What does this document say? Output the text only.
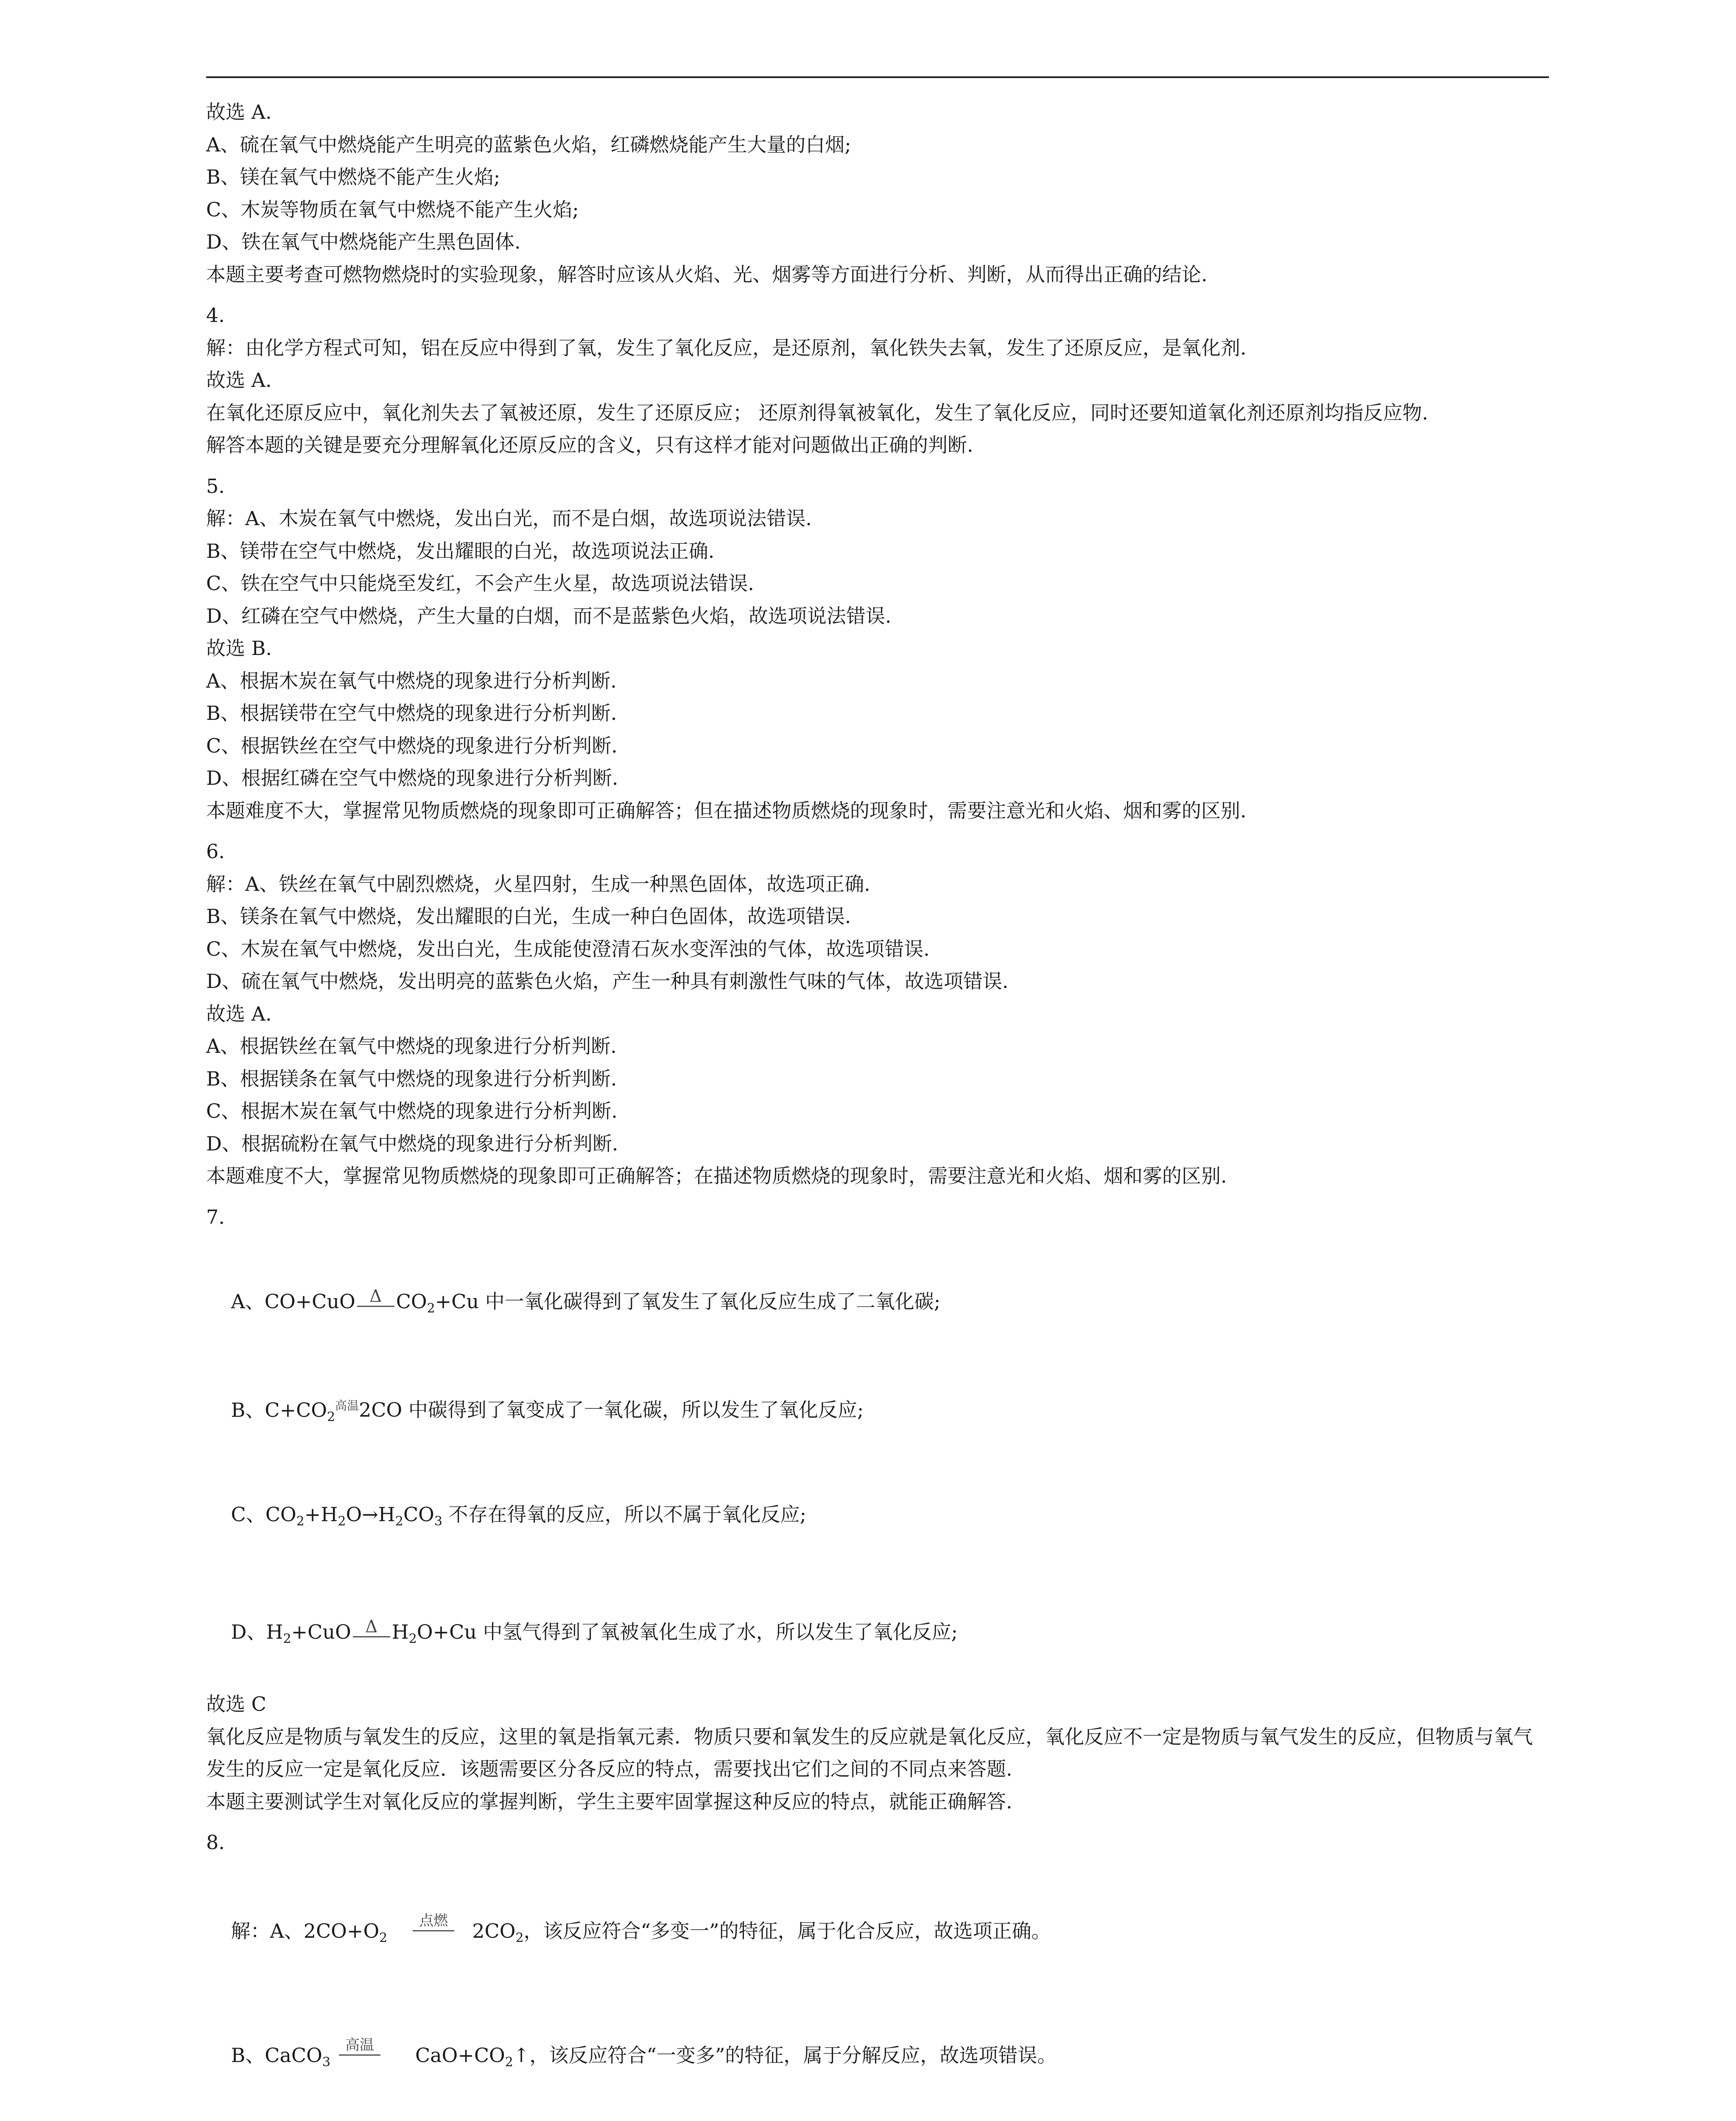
故选 A.
A、硫在氧气中燃烧能产生明亮的蓝紫色火焰，红磷燃烧能产生大量的白烟;
B、镁在氧气中燃烧不能产生火焰;
C、木炭等物质在氧气中燃烧不能产生火焰;
D、铁在氧气中燃烧能产生黑色固体.
本题主要考查可燃物燃烧时的实验现象，解答时应该从火焰、光、烟雾等方面进行分析、判断，从而得出正确的结论.
4.
解：由化学方程式可知，铝在反应中得到了氧，发生了氧化反应，是还原剂，氧化铁失去氧，发生了还原反应，是氧化剂.
故选 A.
在氧化还原反应中，氧化剂失去了氧被还原，发生了还原反应； 还原剂得氧被氧化，发生了氧化反应，同时还要知道氧化剂还原剂均指反应物.
解答本题的关键是要充分理解氧化还原反应的含义，只有这样才能对问题做出正确的判断.
5.
解：A、木炭在氧气中燃烧，发出白光，而不是白烟，故选项说法错误.
B、镁带在空气中燃烧，发出耀眼的白光，故选项说法正确.
C、铁在空气中只能烧至发红，不会产生火星，故选项说法错误.
D、红磷在空气中燃烧，产生大量的白烟，而不是蓝紫色火焰，故选项说法错误.
故选 B.
A、根据木炭在氧气中燃烧的现象进行分析判断.
B、根据镁带在空气中燃烧的现象进行分析判断.
C、根据铁丝在空气中燃烧的现象进行分析判断.
D、根据红磷在空气中燃烧的现象进行分析判断.
本题难度不大，掌握常见物质燃烧的现象即可正确解答；但在描述物质燃烧的现象时，需要注意光和火焰、烟和雾的区别.
6.
解：A、铁丝在氧气中剧烈燃烧，火星四射，生成一种黑色固体，故选项正确.
B、镁条在氧气中燃烧，发出耀眼的白光，生成一种白色固体，故选项错误.
C、木炭在氧气中燃烧，发出白光，生成能使澄清石灰水变浑浊的气体，故选项错误.
D、硫在氧气中燃烧，发出明亮的蓝紫色火焰，产生一种具有刺激性气味的气体，故选项错误.
故选 A.
A、根据铁丝在氧气中燃烧的现象进行分析判断.
B、根据镁条在氧气中燃烧的现象进行分析判断.
C、根据木炭在氧气中燃烧的现象进行分析判断.
D、根据硫粉在氧气中燃烧的现象进行分析判断.
本题难度不大，掌握常见物质燃烧的现象即可正确解答；在描述物质燃烧的现象时，需要注意光和火焰、烟和雾的区别.
7.

A、CO+CuO Δ $CO_2+Cu$ 中一氧化碳得到了氧发生了氧化反应生成了二氧化碳;

B、$C+CO_2^{高温}2CO$ 中碳得到了氧变成了一氧化碳，所以发生了氧化反应;

C、$CO_2+H_2O\to H_2CO_3$ 不存在得氧的反应，所以不属于氧化反应;

D、$H_2+CuO$ Δ $H_2O+Cu$ 中氢气得到了氧被氧化生成了水，所以发生了氧化反应;

故选 C
氧化反应是物质与氧发生的反应，这里的氧是指氧元素．物质只要和氧发生的反应就是氧化反应，氧化反应不一定是物质与氧气发生的反应，但物质与氧气发生的反应一定是氧化反应．该题需要区分各反应的特点，需要找出它们之间的不同点来答题.
本题主要测试学生对氧化反应的掌握判断，学生主要牢固掌握这种反应的特点，就能正确解答.
8.

解：A、$2CO+O_2$
点燃	$2CO_2$，该反应符合“多变一”的特征，属于化合反应，故选项正确。

B、CaCO$_3$
高温	$CaO+CO_2↑$，该反应符合“一变多”的特征，属于分解反应，故选项错误。
